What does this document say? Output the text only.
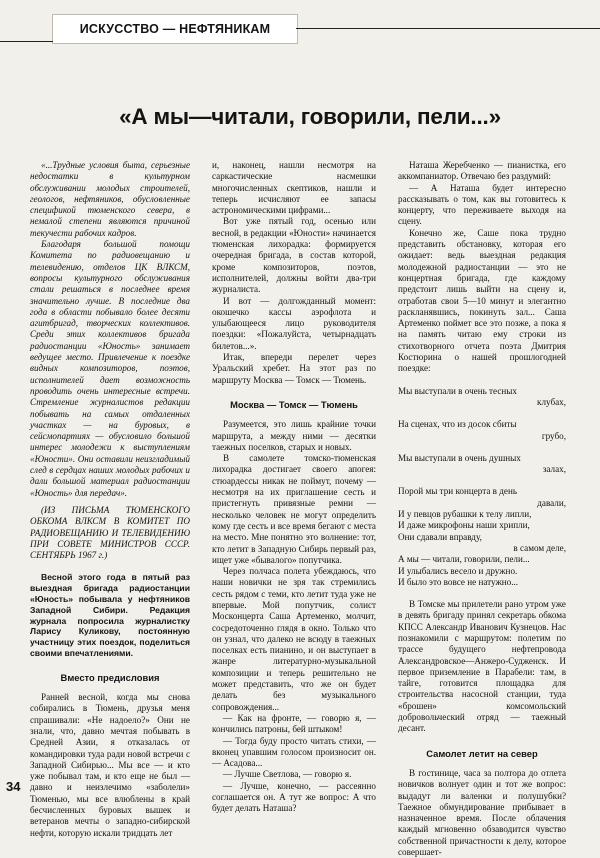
ИСКУССТВО — НЕФТЯНИКАМ
«А мы—читали, говорили, пели...»

«...Трудные условия быта, серьезные недостатки в культурном обслуживании молодых строителей, геологов, нефтяников, обусловленные спецификой тюменского севера, в немалой степени являются причиной текучести рабочих кадров.

Благодаря большой помощи Комитета по радиовещанию и телевидению, отделов ЦК ВЛКСМ, вопросы культурного обслуживания стали решаться в последнее время значительно лучше. В последние два года в области побывало более десяти агитбригад, творческих коллективов. Среди этих коллективов бригада радиостанции «Юность» занимает ведущее место. Привлечение к поездке видных композиторов, поэтов, исполнителей дает возможность проводить очень интересные встречи. Стремление журналистов редакции побывать на самых отдаленных участках — на буровых, в сейсмопартиях — обусловило большой интерес молодежи к выступлениям «Юности». Они оставили неизгладимый след в сердцах наших молодых рабочих и дали большой материал радиостанции «Юность» для передач».

(ИЗ ПИСЬМА ТЮМЕНСКОГО ОБКОМА ВЛКСМ В КОМИТЕТ ПО РАДИОВЕЩАНИЮ И ТЕЛЕВИДЕНИЮ ПРИ СОВЕТЕ МИНИСТРОВ СССР. СЕНТЯБРЬ 1967 г.)
Весной этого года в пятый раз выездная бригада радиостанции «Юность» побывала у нефтяников Западной Сибири. Редакция журнала попросила журналистку Ларису Куликову, постоянную участницу этих поездок, поделиться своими впечатлениями.
Вместо предисловия

Ранней весной, когда мы снова собирались в Тюмень, друзья меня спрашивали: «Не надоело?» Они не знали, что, давно мечтая побывать в Средней Азии, я отказалась от командировки туда ради новой встречи с Западной Сибирью... Мы все — и кто уже побывал там, и кто еще не был — давно и неизлечимо «заболели» Тюменью, мы все влюблены в край бесчисленных буровых вышек и ветеранов мечты о западно-сибирской нефти, которую искали тридцать лет

и, наконец, нашли несмотря на саркастические насмешки многочисленных скептиков, нашли и теперь исчисляют ее запасы астрономическими цифрами...

Вот уже пятый год, осенью или весной, в редакции «Юности» начинается тюменская лихорадка: формируется очередная бригада, в состав которой, кроме композиторов, поэтов, исполнителей, должны войти два-три журналиста.

И вот — долгожданный момент: окошечко кассы аэрофлота и улыбающееся лицо руководителя поездки: «Пожалуйста, четырнадцать билетов...».

Итак, впереди перелет через Уральский хребет. На этот раз по маршруту Москва — Томск — Тюмень.

Москва — Томск — Тюмень

Разумеется, это лишь крайние точки маршрута, а между ними — десятки таежных поселков, старых и новых.

В самолете томско-тюменская лихорадка достигает своего апогея: стюардессы никак не поймут, почему — несмотря на их приглашение сесть и пристегнуть привязные ремни — несколько человек не могут определить кому где сесть и все время бегают с места на место. Мне понятно это волнение: тот, кто летит в Западную Сибирь первый раз, ищет уже «бывалого» попутчика.

Через полчаса полета убеждаюсь, что наши новички не зря так стремились сесть рядом с теми, кто летит туда уже не впервые. Мой попутчик, солист Москонцерта Саша Артеменко, молчит, сосредоточенно глядя в окно. Только что он узнал, что далеко не всюду в таежных поселках есть пианино, и он выступает в жанре литературно-музыкальной композиции и теперь решительно не может представить, что же он будет делать без музыкального сопровождения...

— Как на фронте, — говорю я, — кончились патроны, бей штыком!

— Тогда буду просто читать стихи, — вконец упавшим голосом произносит он. — Асадова...

— Лучше Светлова, — говорю я.

— Лучше, конечно, — рассеянно соглашается он. А тут же вопрос: А что будет делать Наташа?

Наташа Жеребченко — пианистка, его аккомпаниатор. Отвечаю без раздумий:

— А Наташа будет интересно рассказывать о том, как вы готовитесь к концерту, что переживаете выходя на сцену.

Конечно же, Саше пока трудно представить обстановку, которая его ожидает: ведь выездная редакция молодежной радиостанции — это не концертная бригада, где каждому предстоит лишь выйти на сцену и, отработав свои 5—10 минут и элегантно раскланявшись, покинуть зал... Саша Артеменко поймет все это позже, а пока я на память читаю ему строки из стихотворного отчета поэта Дмитрия Костюрина о нашей прошлогодней поездке:

Мы выступали в очень тесных

клубах,

На сценах, что из досок сбиты

грубо,

Мы выступали в очень душных

залах,

Порой мы три концерта в день

давали,

И у певцов рубашки к телу липли,

И даже микрофоны наши хрипли,

Они сдавали вправду,

в самом деле,

А мы — читали, говорили, пели...

И улыбались весело и дружно.

И было это вовсе не натужно...

В Томске мы прилетели рано утром уже в девять бригаду принял секретарь обкома КПСС Александр Иванович Кузнецов. Нас познакомили с маршрутом: полетим по трассе будущего нефтепровода Александровское—Анжеро-Судженск. И первое приземление в Парабели: там, в тайге, готовится площадка для строительства насосной станции, туда «брошен» комсомольский добровольческий отряд — таежный десант.

Самолет летит на север

В гостинице, часа за полтора до отлета новичков волнует один и тот же вопрос: выдадут ли валенки и полушубки? Таежное обмундирование прибывает в назначенное время. После облачения каждый мгновенно обзаводится чувство собственной причастности к делу, которое совершает-

34
